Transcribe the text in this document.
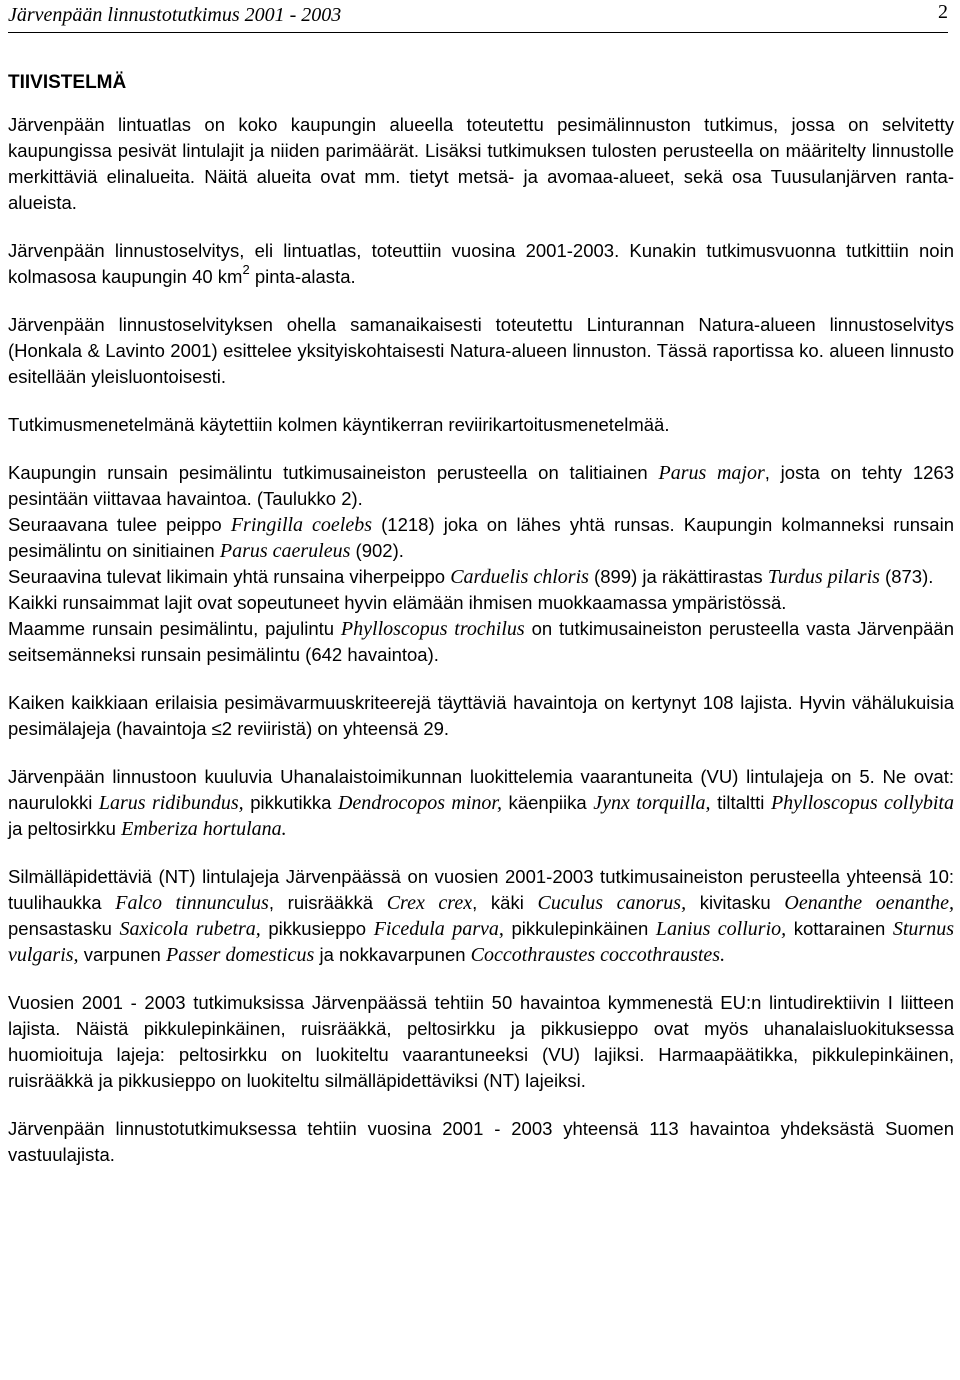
Järvenpään linnustotutkimus 2001 - 2003	2
TIIVISTELMÄ

Järvenpään lintuatlas on koko kaupungin alueella toteutettu pesimälinnuston tutkimus, jossa on selvitetty kaupungissa pesivät lintulajit ja niiden parimäärät. Lisäksi tutkimuksen tulosten perusteella on määritelty linnustolle merkittäviä elinalueita. Näitä alueita ovat mm. tietyt metsä- ja avomaa-alueet, sekä osa Tuusulanjärven ranta-alueista.

Järvenpään linnustoselvitys, eli lintuatlas, toteuttiin vuosina 2001-2003. Kunakin tutkimusvuonna tutkittiin noin kolmasosa kaupungin 40 $km^2$ pinta-alasta.

Järvenpään linnustoselvityksen ohella samanaikaisesti toteutettu Linturannan Natura-alueen linnustoselvitys (Honkala & Lavinto 2001) esittelee yksityiskohtaisesti Natura-alueen linnuston. Tässä raportissa ko. alueen linnusto esitellään yleisluontoisesti.

Tutkimusmenetelmänä käytettiin kolmen käyntikerran reviirikartoitusmenetelmää.

Kaupungin runsain pesimälintu tutkimusaineiston perusteella on talitiainen Parus major, josta on tehty 1263 pesintään viittavaa havaintoa. (Taulukko 2).

Seuraavana tulee peippo Fringilla coelebs (1218) joka on lähes yhtä runsas. Kaupungin kolmanneksi runsain pesimälintu on sinitiainen Parus caeruleus (902).

Seuraavina tulevat likimain yhtä runsaina viherpeippo Carduelis chloris (899) ja räkättirastas Turdus pilaris (873).

Kaikki runsaimmat lajit ovat sopeutuneet hyvin elämään ihmisen muokkaamassa ympäristössä.

Maamme runsain pesimälintu, pajulintu Phylloscopus trochilus on tutkimusaineiston perusteella vasta Järvenpään seitsemänneksi runsain pesimälintu (642 havaintoa).

Kaiken kaikkiaan erilaisia pesimävarmuuskriteerejä täyttäviä havaintoja on kertynyt 108 lajista. Hyvin vähälukuisia pesimälajeja (havaintoja ≤2 reviiristä) on yhteensä 29.

Järvenpään linnustoon kuuluvia Uhanalaistoimikunnan luokittelemia vaarantuneita (VU) lintulajeja on 5. Ne ovat: naurulokki Larus ridibundus, pikkutikka Dendrocopos minor, käenpiika Jynx torquilla, tiltaltti Phylloscopus collybita ja peltosirkku Emberiza hortulana.

Silmälläpidettäviä (NT) lintulajeja Järvenpäässä on vuosien 2001-2003 tutkimusaineiston perusteella yhteensä 10: tuulihaukka Falco tinnunculus, ruisrääkkä Crex crex, käki Cuculus canorus, kivitasku Oenanthe oenanthe, pensastasku Saxicola rubetra, pikkusieppo Ficedula parva, pikkulepinkäinen Lanius collurio, kottarainen Sturnus vulgaris, varpunen Passer domesticus ja nokkavarpunen Coccothraustes coccothraustes.

Vuosien 2001 - 2003 tutkimuksissa Järvenpäässä tehtiin 50 havaintoa kymmenestä EU:n lintudirektiivin I liitteen lajista. Näistä pikkulepinkäinen, ruisrääkkä, peltosirkku ja pikkusieppo ovat myös uhanalaisluokituksessa huomioituja lajeja: peltosirkku on luokiteltu vaarantuneeksi (VU) lajiksi. Harmaapäätikka, pikkulepinkäinen, ruisrääkkä ja pikkusieppo on luokiteltu silmälläpidettäviksi (NT) lajeiksi.

Järvenpään linnustotutkimuksessa tehtiin vuosina 2001 - 2003 yhteensä 113 havaintoa yhdeksästä Suomen vastuulajista.
